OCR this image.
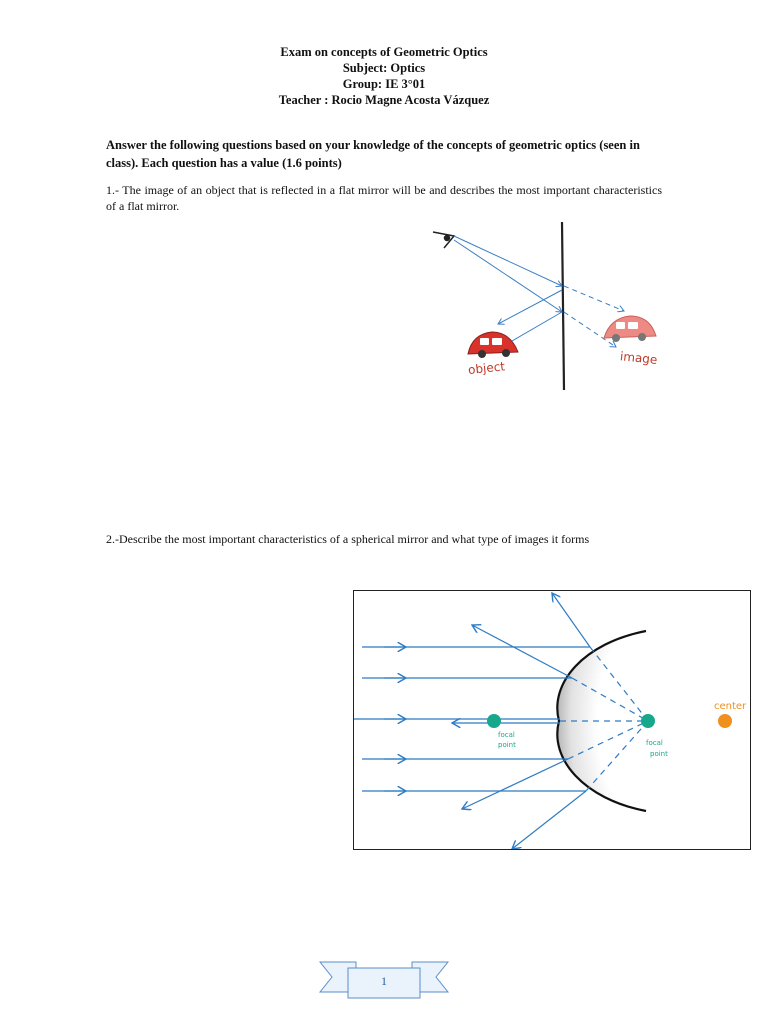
Exam on concepts of Geometric Optics
Subject: Optics
Group: IE 3°01
Teacher : Rocio Magne Acosta Vázquez
Answer the following questions based on your knowledge of the concepts of geometric optics (seen in class). Each question has a value (1.6 points)
1.- The image of an object that is reflected in a flat mirror will be and describes the most important characteristics of a flat mirror.
object
image
2.-Describe the most important characteristics of a spherical mirror and what type of images it forms
focal
point	focal
point
center
1
